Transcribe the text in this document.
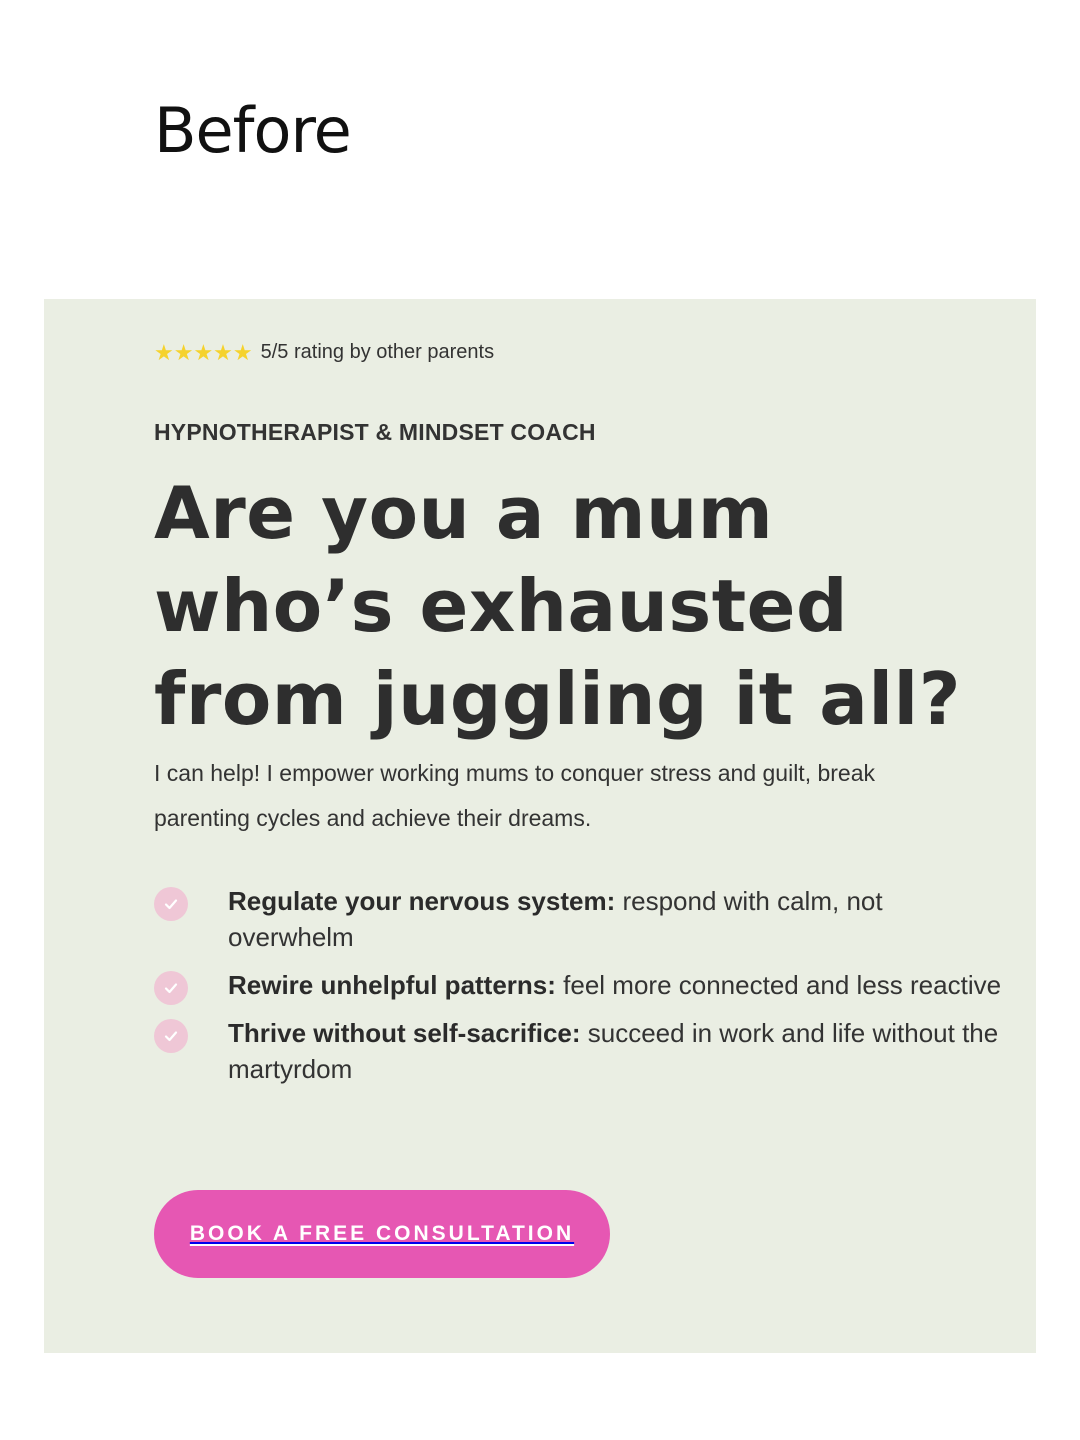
Before
★★★★★ 5/5 rating by other parents
HYPNOTHERAPIST & MINDSET COACH
Are you a mum who’s exhausted from juggling it all?

I can help! I empower working mums to conquer stress and guilt, break parenting cycles and achieve their dreams.

Regulate your nervous system: respond with calm, not overwhelm
Rewire unhelpful patterns: feel more connected and less reactive
Thrive without self-sacrifice: succeed in work and life without the martyrdom
BOOK A FREE CONSULTATION
